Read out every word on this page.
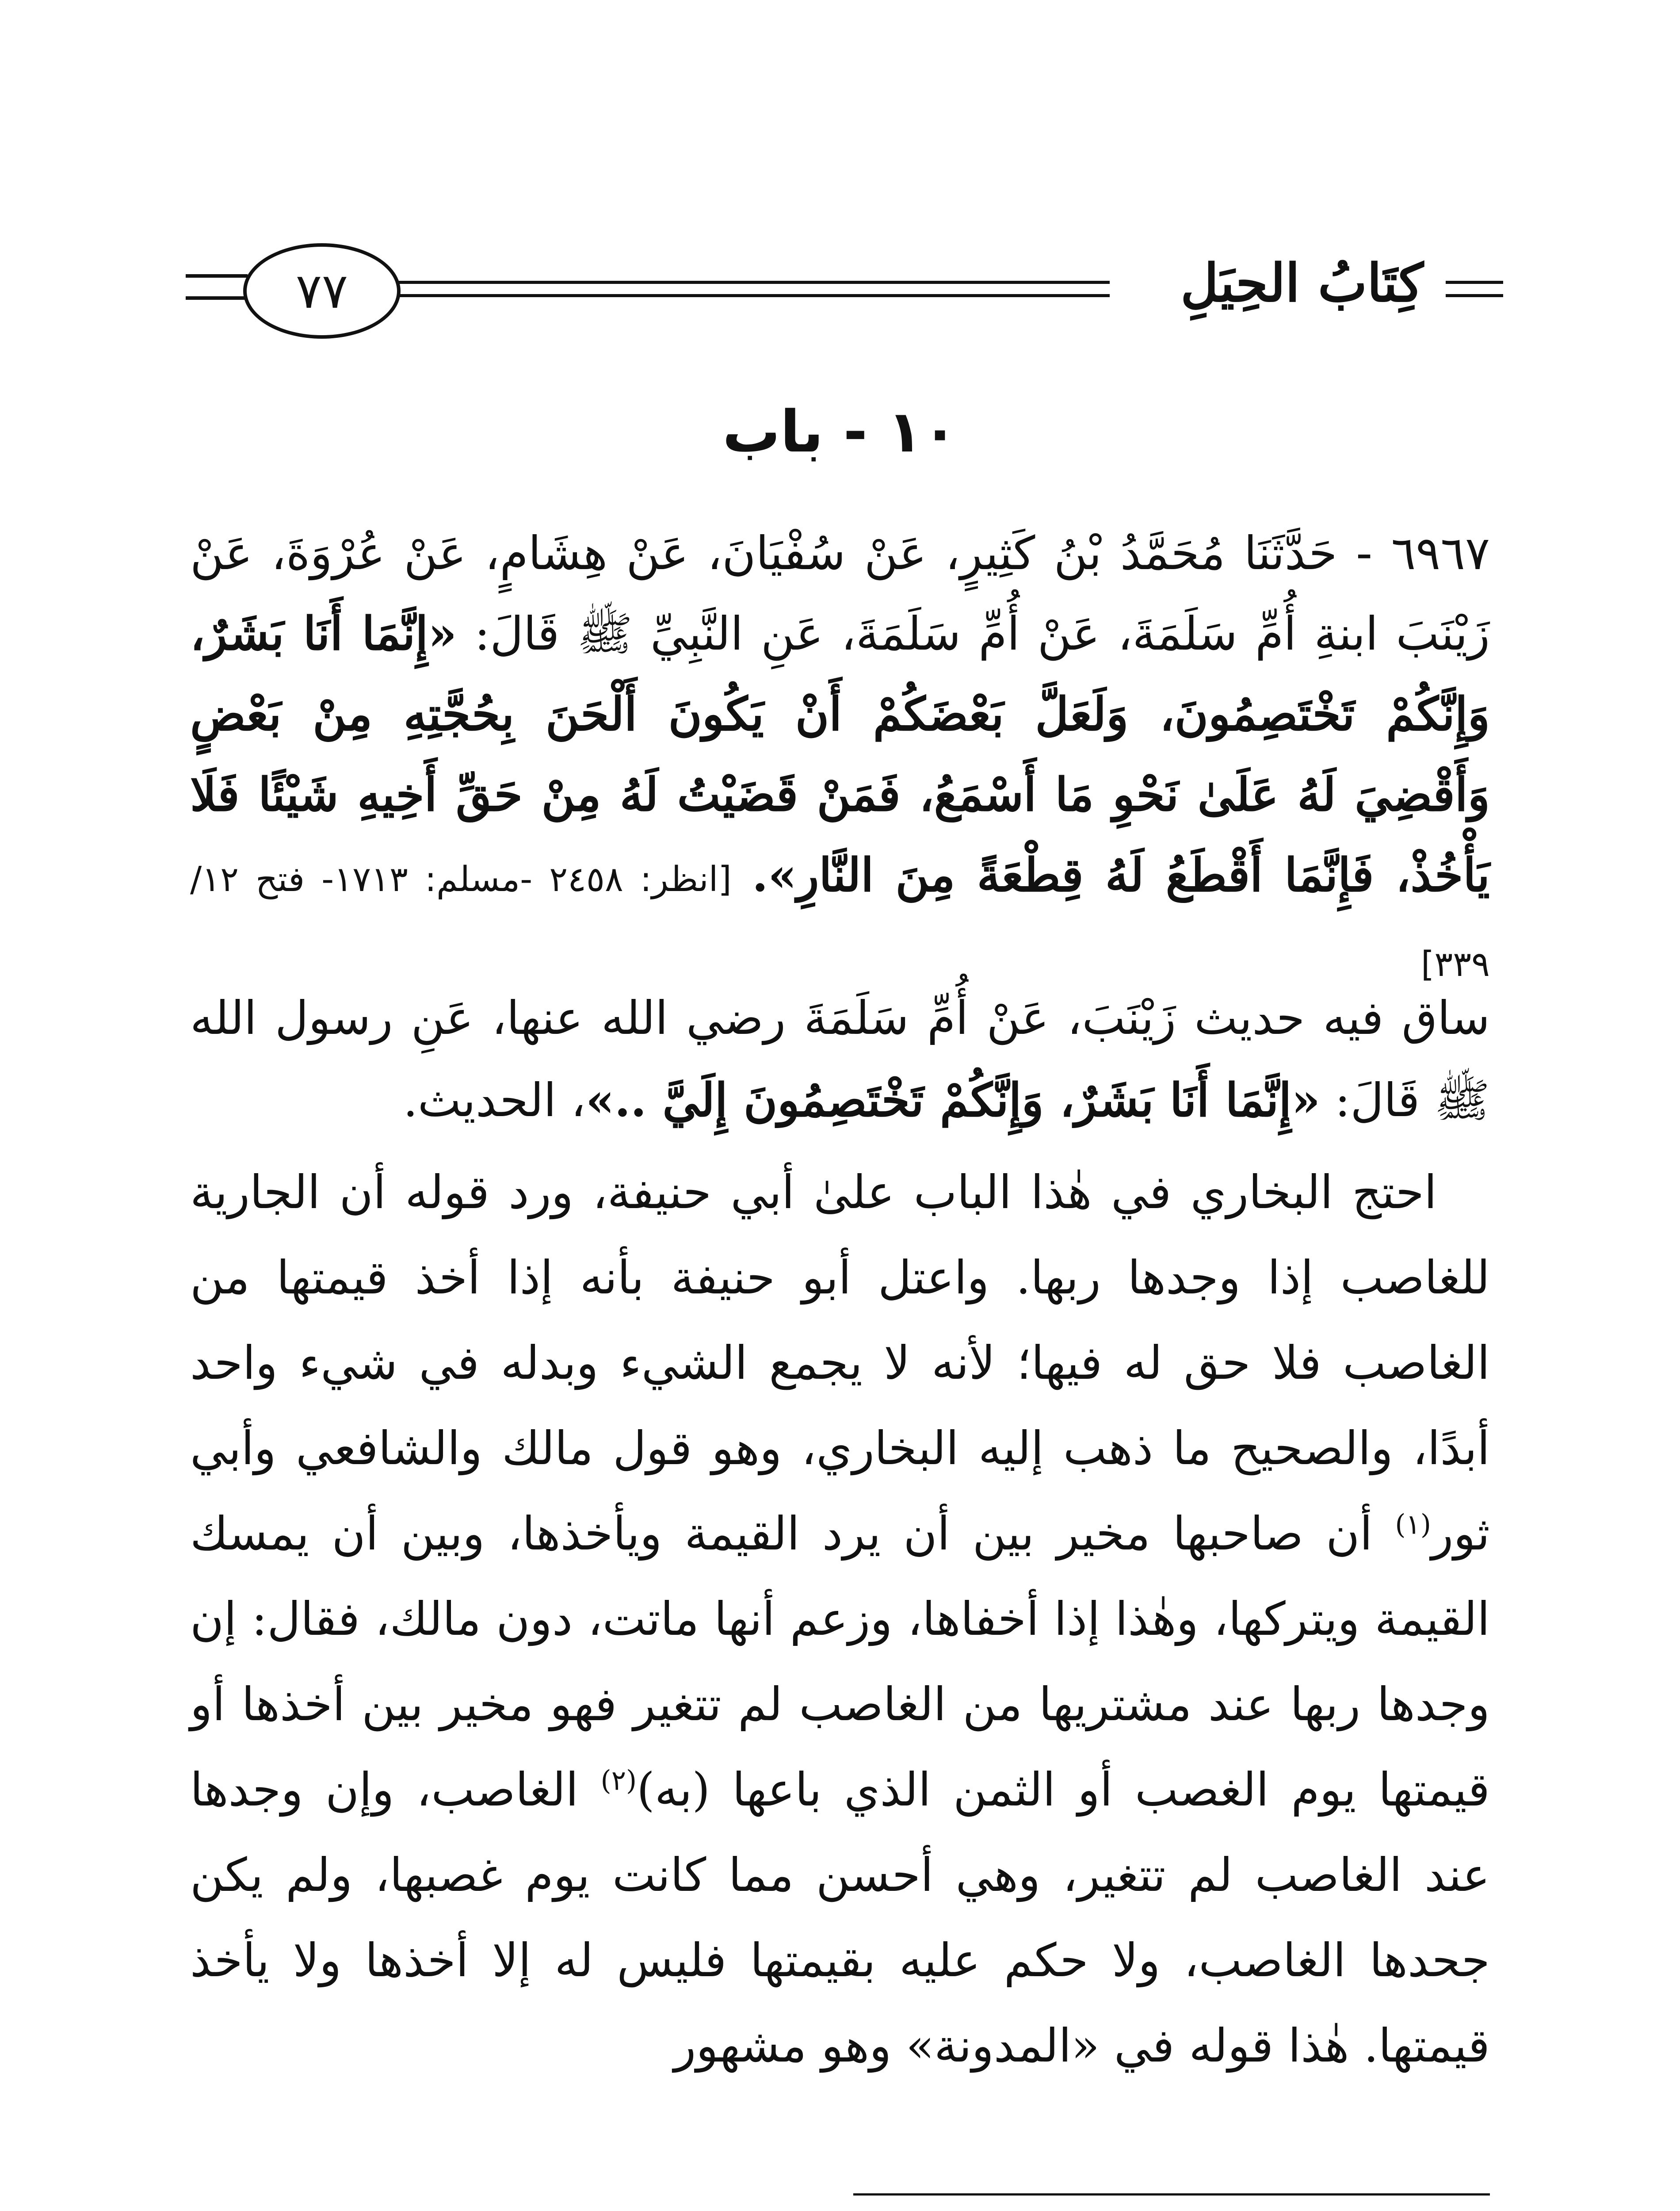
٧٧	كِتَابُ الحِيَلِ
١٠ - باب
٦٩٦٧ - حَدَّثَنَا مُحَمَّدُ بْنُ كَثِيرٍ، عَنْ سُفْيَانَ، عَنْ هِشَامٍ، عَنْ عُرْوَةَ، عَنْ زَيْنَبَ ابنةِ أُمِّ سَلَمَةَ، عَنْ أُمِّ سَلَمَةَ، عَنِ النَّبِيِّ ﷺ قَالَ: «إِنَّمَا أَنَا بَشَرٌ، وَإِنَّكُمْ تَخْتَصِمُونَ، وَلَعَلَّ بَعْضَكُمْ أَنْ يَكُونَ أَلْحَنَ بِحُجَّتِهِ مِنْ بَعْضٍ وَأَقْضِيَ لَهُ عَلَىٰ نَحْوِ مَا أَسْمَعُ، فَمَنْ قَضَيْتُ لَهُ مِنْ حَقِّ أَخِيهِ شَيْئًا فَلَا يَأْخُذْ، فَإِنَّمَا أَقْطَعُ لَهُ قِطْعَةً مِنَ النَّارِ». [انظر: ٢٤٥٨ -مسلم: ١٧١٣- فتح ١٢/ ٣٣٩]
ساق فيه حديث زَيْنَبَ، عَنْ أُمِّ سَلَمَةَ رضي الله عنها، عَنِ رسول الله ﷺ قَالَ: «إِنَّمَا أَنَا بَشَرٌ، وَإِنَّكُمْ تَخْتَصِمُونَ إِلَيَّ ..»، الحديث.
احتج البخاري في هٰذا الباب علىٰ أبي حنيفة، ورد قوله أن الجارية للغاصب إذا وجدها ربها. واعتل أبو حنيفة بأنه إذا أخذ قيمتها من الغاصب فلا حق له فيها؛ لأنه لا يجمع الشيء وبدله في شيء واحد أبدًا، والصحيح ما ذهب إليه البخاري، وهو قول مالك والشافعي وأبي ثور$^{(١)}$ أن صاحبها مخير بين أن يرد القيمة ويأخذها، وبين أن يمسك القيمة ويتركها، وهٰذا إذا أخفاها، وزعم أنها ماتت، دون مالك، فقال: إن وجدها ربها عند مشتريها من الغاصب لم تتغير فهو مخير بين أخذها أو قيمتها يوم الغصب أو الثمن الذي باعها (به)$^{(٢)}$ الغاصب، وإن وجدها عند الغاصب لم تتغير، وهي أحسن مما كانت يوم غصبها، ولم يكن جحدها الغاصب، ولا حكم عليه بقيمتها فليس له إلا أخذها ولا يأخذ قيمتها. هٰذا قوله في «المدونة» وهو مشهور
